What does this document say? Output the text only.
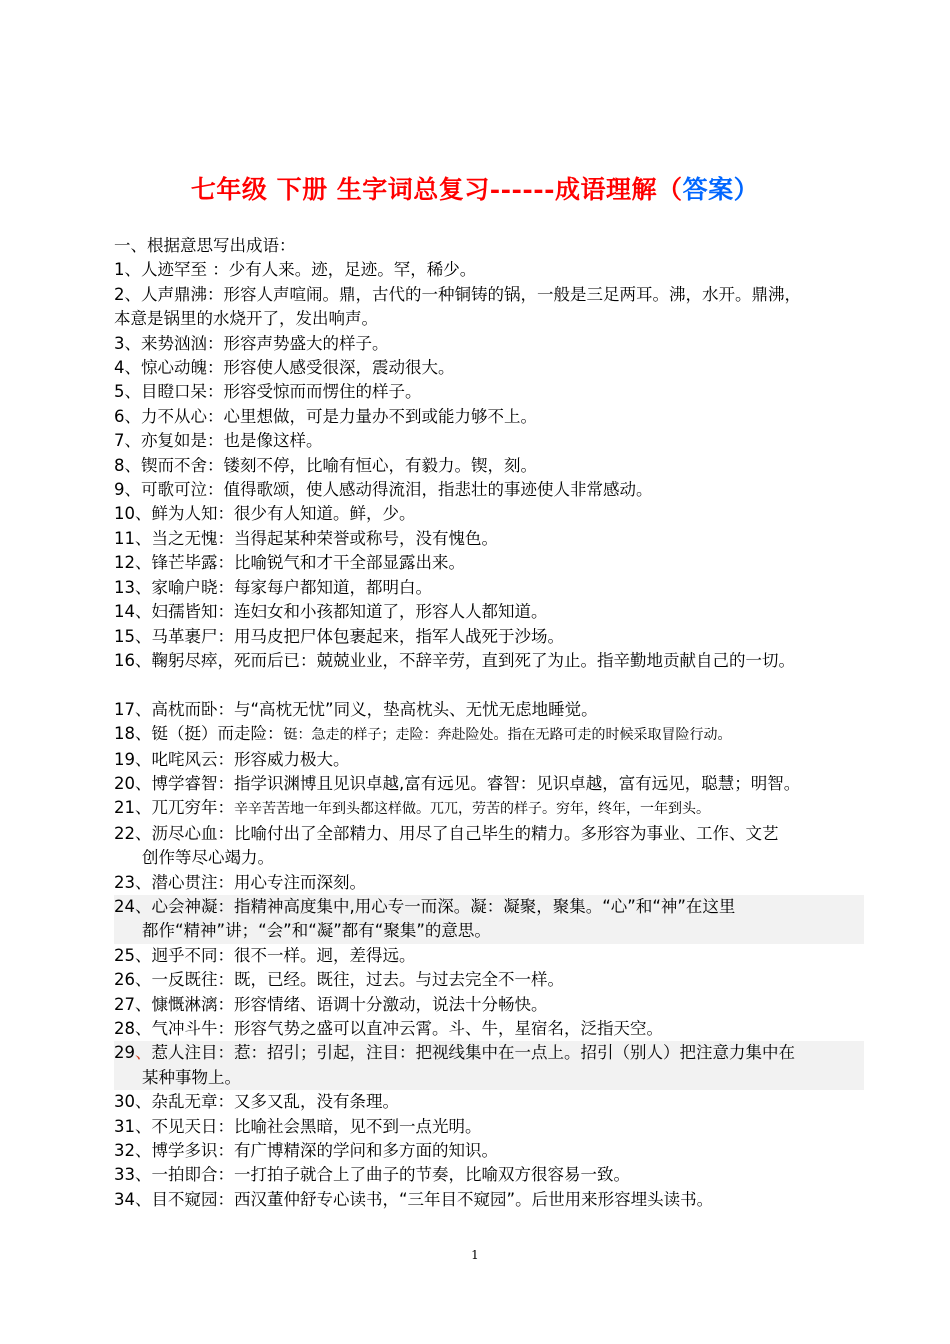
七年级 下册 生字词总复习------成语理解（答案）
一、根据意思写出成语：
1、人迹罕至 ：少有人来。迹，足迹。罕，稀少。
2、人声鼎沸：形容人声喧闹。鼎，古代的一种铜铸的锅，一般是三足两耳。沸，水开。鼎沸，
本意是锅里的水烧开了，发出响声。
3、来势汹汹：形容声势盛大的样子。
4、惊心动魄：形容使人感受很深，震动很大。
5、目瞪口呆：形容受惊而而愣住的样子。
6、力不从心：心里想做，可是力量办不到或能力够不上。
7、亦复如是：也是像这样。
8、锲而不舍：镂刻不停，比喻有恒心，有毅力。锲，刻。
9、可歌可泣：值得歌颂，使人感动得流泪，指悲壮的事迹使人非常感动。
10、鲜为人知：很少有人知道。鲜，少。
11、当之无愧：当得起某种荣誉或称号，没有愧色。
12、锋芒毕露：比喻锐气和才干全部显露出来。
13、家喻户晓：每家每户都知道，都明白。
14、妇孺皆知：连妇女和小孩都知道了，形容人人都知道。
15、马革裹尸：用马皮把尸体包裹起来，指军人战死于沙场。
16、鞠躬尽瘁，死而后已：兢兢业业，不辞辛劳，直到死了为止。指辛勤地贡献自己的一切。
17、高枕而卧：与“高枕无忧”同义，垫高枕头、无忧无虑地睡觉。
18、铤（挺）而走险：铤：急走的样子；走险：奔赴险处。指在无路可走的时候采取冒险行动。
19、叱咤风云：形容威力极大。
20、博学睿智：指学识渊博且见识卓越,富有远见。睿智：见识卓越，富有远见，聪慧；明智。
21、兀兀穷年：辛辛苦苦地一年到头都这样做。兀兀，劳苦的样子。穷年，终年，一年到头。
22、沥尽心血：比喻付出了全部精力、用尽了自己毕生的精力。多形容为事业、工作、文艺
创作等尽心竭力。
23、潜心贯注：用心专注而深刻。
24、心会神凝：指精神高度集中,用心专一而深。凝：凝聚，聚集。“心”和“神”在这里
都作“精神”讲；“会”和“凝”都有“聚集”的意思。
25、迥乎不同：很不一样。迥，差得远。
26、一反既往：既，已经。既往，过去。与过去完全不一样。
27、慷慨淋漓：形容情绪、语调十分激动，说法十分畅快。
28、气冲斗牛：形容气势之盛可以直冲云霄。斗、牛，星宿名，泛指天空。
29、惹人注目：惹：招引；引起，注目：把视线集中在一点上。招引（别人）把注意力集中在
某种事物上。
30、杂乱无章：又多又乱，没有条理。
31、不见天日：比喻社会黑暗，见不到一点光明。
32、博学多识：有广博精深的学问和多方面的知识。
33、一拍即合：一打拍子就合上了曲子的节奏，比喻双方很容易一致。
34、目不窥园：西汉董仲舒专心读书，“三年目不窥园”。后世用来形容埋头读书。
1
